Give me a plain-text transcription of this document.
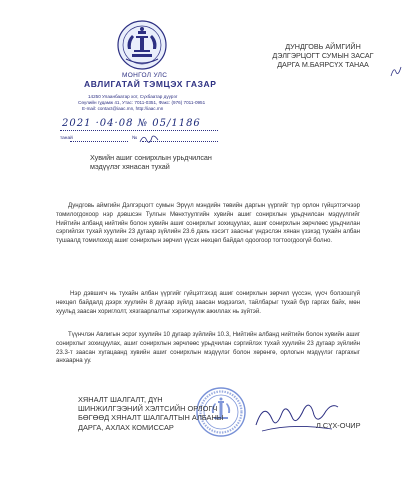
МОНГОЛ УЛС
АВЛИГАТАЙ ТЭМЦЭХ ГАЗАР
14250 Улаанбаатар хот, Сүхбаатар дүүрэг
Сөүлийн гудамж 41, Утас: 7011-0351, Факс: (976) 7011-0951
E-mail: contact@iaac.mn, http://iaac.mn
2021 ·04·08 № 05/1186
танай	№
Хувийн ашиг сонирхлын урьдчилсан
мэдүүлэг хянасан тухай
ДУНДГОВЬ АЙМГИЙН
ДЭЛГЭРЦОГТ СУМЫН ЗАСАГ
ДАРГА М.БАЯРСҮХ ТАНАА

Дундговь аймгийн Дэлгэрцогт сумын Эрүүл мэндийн төвийн даргын үүргийг түр орлон гүйцэтгэгчээр томилогдохоор нэр дэвшсэн Тулгын Мөнхтуулгийн хувийн ашиг сонирхлын урьдчилсан мэдүүлгийг Нийтийн албанд нийтийн болон хувийн ашиг сонирхлыг зохицуулах, ашиг сонирхлын зөрчлөөс урьдчилан сэргийлэх тухай хуулийн 23 дугаар зүйлийн 23.6 дахь хэсэгт заасныг үндэслэн хянан үзэхэд тухайн албан тушаалд томилоход ашиг сонирхлын зөрчил үүсэх нөхцөл байдал одоогоор тогтоогдоогүй болно.

Нэр дэвшигч нь тухайн албан үүргийг гүйцэтгэхэд ашиг сонирхлын зөрчил үүссэн, үүсч болзошгүй нөхцөл байдалд дээрх хуулийн 8 дугаар зүйлд заасан мэдээлэл, тайлбарыг тухай бүр гаргах байх, мөн хуульд заасан хориглолт, хязгаарлалтыг хэрэгжүүлж ажиллах нь зүйтэй.

Түүнчлэн Авлигын эсрэг хуулийн 10 дугаар зүйлийн 10.3, Нийтийн албанд нийтийн болон хувийн ашиг сонирхлыг зохицуулах, ашиг сонирхлын зөрчлөөс урьдчилан сэргийлэх тухай хуулийн 23 дугаар зүйлийн 23.3-т заасан хугацаанд хувийн ашиг сонирхлын мэдүүлэг болон хөрөнгө, орлогын мэдүүлэг гаргахыг анхаарна уу.

ХЯНАЛТ ШАЛГАЛТ, ДҮН
ШИНЖИЛГЭЭНИЙ ХЭЛТСИЙН ОРЛОГЧ
БӨГӨӨД ХЯНАЛТ ШАЛГАЛТЫН АЛБАНЫ
ДАРГА, АХЛАХ КОМИССАР	Л.СҮХ-ОЧИР
